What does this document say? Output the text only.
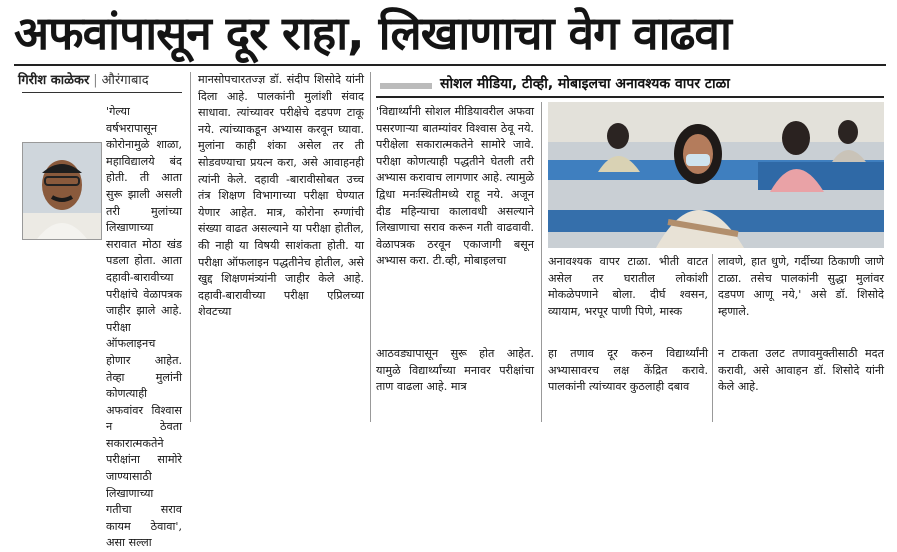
अफवांपासून दूर राहा, लिखाणाचा वेग वाढवा
गिरीश काळेकर | औरंगाबाद	सोशल मीडिया, टीव्ही, मोबाइलचा अनावश्यक वापर टाळा

'गेल्या वर्षभरापासून कोरोनामुळे शाळा, महाविद्यालये बंद होती. ती आता सुरू झाली असली तरी मुलांच्या लिखाणाच्या सरावात मोठा खंड पडला होता. आता दहावी-बारावीच्या परीक्षांचे वेळापत्रक जाहीर झाले आहे. परीक्षा ऑफलाइनच होणार आहेत. तेव्हा मुलांनी कोणत्याही अफवांवर विश्वास न ठेवता सकारात्मकतेने परीक्षांना सामोरे जाण्यासाठी लिखाणाच्या गतीचा सराव कायम ठेवावा', असा सल्ला

मानसोपचारतज्ज्ञ डॉ. संदीप शिसोदे यांनी दिला आहे. पालकांनी मुलांशी संवाद साधावा. त्यांच्यावर परीक्षेचे दडपण टाकू नये. त्यांच्याकडून अभ्यास करवून घ्यावा. मुलांना काही शंका असेल तर ती सोडवण्याचा प्रयत्न करा, असे आवाहनही त्यांनी केले. दहावी -बारावीसोबत उच्च तंत्र शिक्षण विभागाच्या परीक्षा घेण्यात येणार आहेत. मात्र, कोरोना रुग्णांची संख्या वाढत असल्याने या परीक्षा होतील, की नाही या विषयी साशंकता होती. या परीक्षा ऑफलाइन पद्धतीनेच होतील, असे खुद्द शिक्षणमंत्र्यांनी जाहीर केले आहे. दहावी-बारावीच्या परीक्षा एप्रिलच्या शेवटच्या

'विद्यार्थ्यांनी सोशल मीडियावरील अफवा पसरणाऱ्या बातम्यांवर विश्वास ठेवू नये. परीक्षेला सकारात्मकतेने सामोरे जावे. परीक्षा कोणत्याही पद्धतीने घेतली तरी अभ्यास करावाच लागणार आहे. त्यामुळे द्विधा मनःस्थितीमध्ये राहू नये. अजून दीड महिन्याचा कालावधी असल्याने लिखाणाचा सराव करून गती वाढवावी. वेळापत्रक ठरवून एकाजागी बसून अभ्यास करा. टी.व्ही, मोबाइलचा

आठवड्यापासून सुरू होत आहेत. यामुळे विद्यार्थ्यांच्या मनावर परीक्षांचा ताण वाढला आहे. मात्र

अनावश्यक वापर टाळा. भीती वाटत असेल तर घरातील लोकांशी मोकळेपणाने बोला. दीर्घ श्वसन, व्यायाम, भरपूर पाणी पिणे, मास्क

हा तणाव दूर करुन विद्यार्थ्यांनी अभ्यासावरच लक्ष केंद्रित करावे. पालकांनी त्यांच्यावर कुठलाही दबाव

लावणे, हात धुणे, गर्दीच्या ठिकाणी जाणे टाळा. तसेच पालकांनी सुद्धा मुलांवर दडपण आणू नये,' असे डॉ. शिसोदे म्हणाले.

न टाकता उलट तणावमुक्तीसाठी मदत करावी, असे आवाहन डॉ. शिसोदे यांनी केले आहे.
